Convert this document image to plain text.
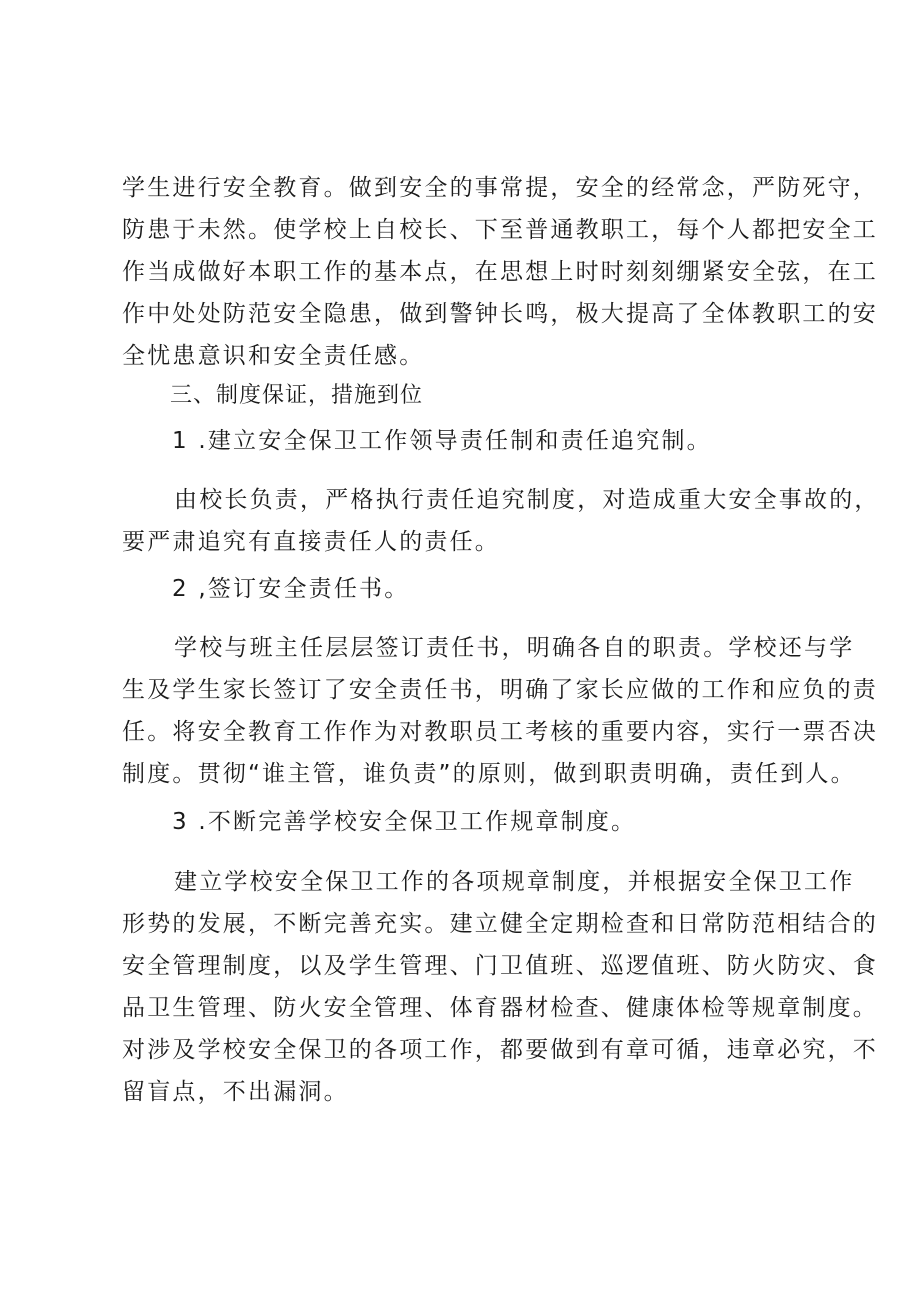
学生进行安全教育。做到安全的事常提，安全的经常念，严防死守，
防患于未然。使学校上自校长、下至普通教职工，每个人都把安全工
作当成做好本职工作的基本点，在思想上时时刻刻绷紧安全弦，在工
作中处处防范安全隐患，做到警钟长鸣，极大提高了全体教职工的安
全忧患意识和安全责任感。
三、制度保证，措施到位
1 .建立安全保卫工作领导责任制和责任追究制。
由校长负责，严格执行责任追究制度，对造成重大安全事故的，
要严肃追究有直接责任人的责任。
2 ,签订安全责任书。
学校与班主任层层签订责任书，明确各自的职责。学校还与学
生及学生家长签订了安全责任书，明确了家长应做的工作和应负的责
任。将安全教育工作作为对教职员工考核的重要内容，实行一票否决
制度。贯彻“谁主管，谁负责”的原则，做到职责明确，责任到人。
3 .不断完善学校安全保卫工作规章制度。
建立学校安全保卫工作的各项规章制度，并根据安全保卫工作
形势的发展，不断完善充实。建立健全定期检查和日常防范相结合的
安全管理制度，以及学生管理、门卫值班、巡逻值班、防火防灾、食
品卫生管理、防火安全管理、体育器材检查、健康体检等规章制度。
对涉及学校安全保卫的各项工作，都要做到有章可循，违章必究，不
留盲点，不出漏洞。
